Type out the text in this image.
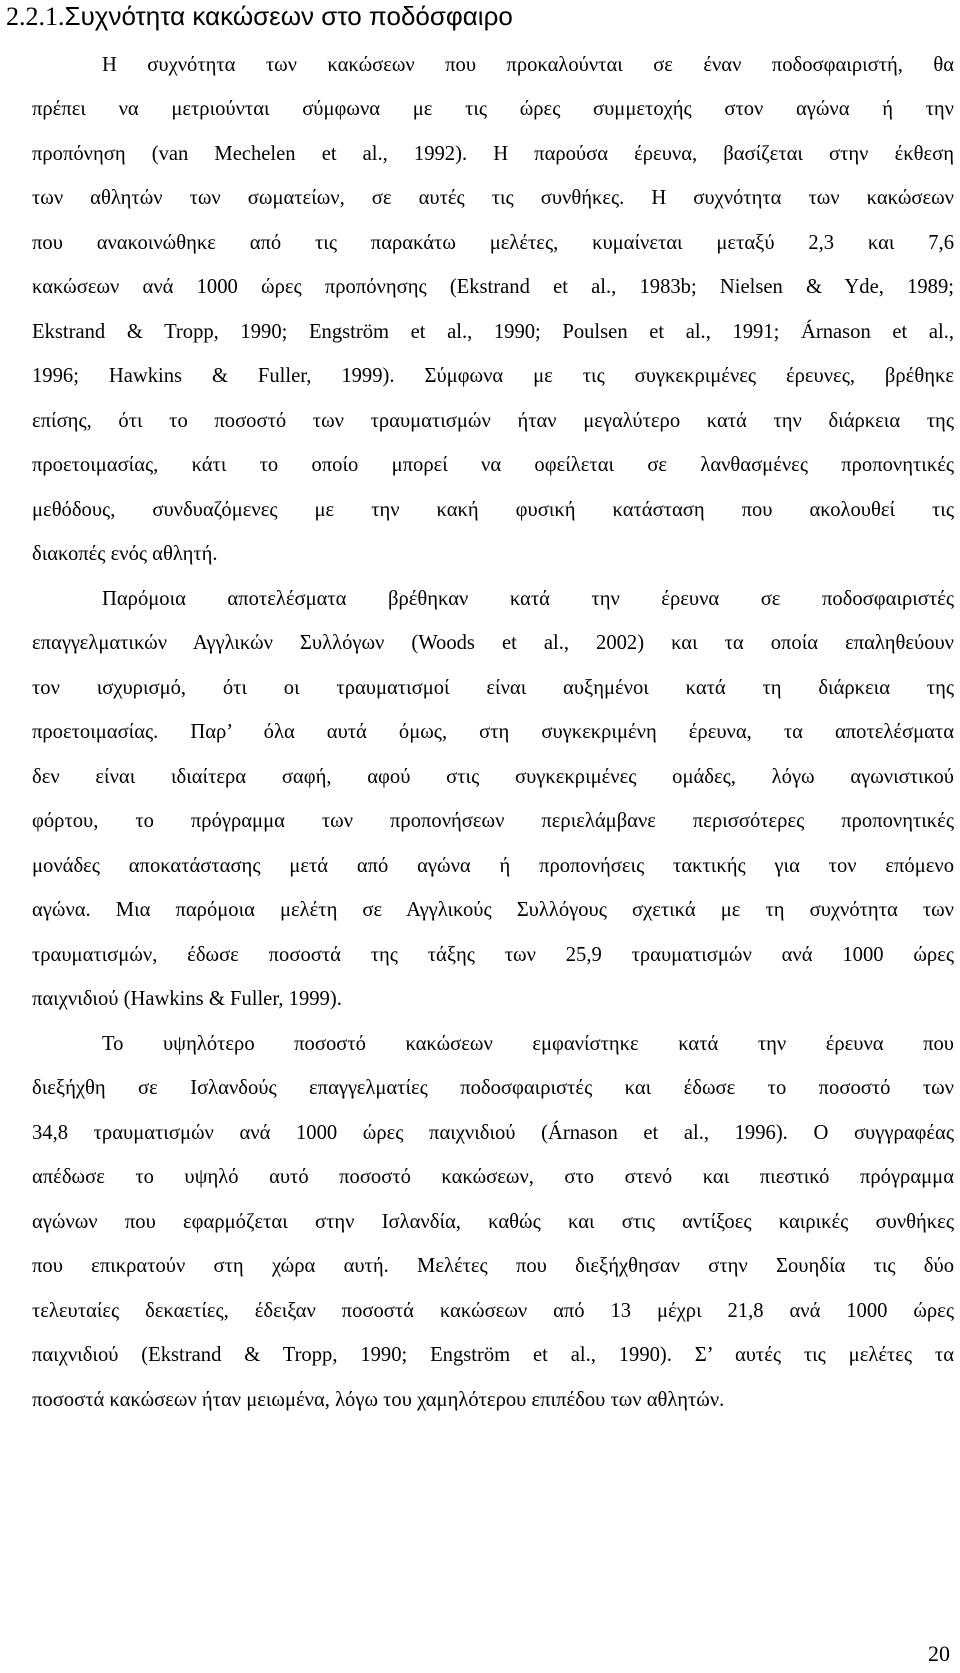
2.2.1.Συχνότητα κακώσεων στο ποδόσφαιρο
Η συχνότητα των κακώσεων που προκαλούνται σε έναν ποδοσφαιριστή, θα
πρέπει να μετριούνται σύμφωνα με τις ώρες συμμετοχής στον αγώνα ή την
προπόνηση (van Mechelen et al., 1992). Η παρούσα έρευνα, βασίζεται στην έκθεση
των αθλητών των σωματείων, σε αυτές τις συνθήκες. Η συχνότητα των κακώσεων
που ανακοινώθηκε από τις παρακάτω μελέτες, κυμαίνεται μεταξύ 2,3 και 7,6
κακώσεων ανά 1000 ώρες προπόνησης (Ekstrand et al., 1983b; Nielsen & Yde, 1989;
Ekstrand & Tropp, 1990; Engström et al., 1990; Poulsen et al., 1991; Árnason et al.,
1996; Hawkins & Fuller, 1999). Σύμφωνα με τις συγκεκριμένες έρευνες, βρέθηκε
επίσης, ότι το ποσοστό των τραυματισμών ήταν μεγαλύτερο κατά την διάρκεια της
προετοιμασίας, κάτι το οποίο μπορεί να οφείλεται σε λανθασμένες προπονητικές
μεθόδους, συνδυαζόμενες με την κακή φυσική κατάσταση που ακολουθεί τις
διακοπές ενός αθλητή.
Παρόμοια αποτελέσματα βρέθηκαν κατά την έρευνα σε ποδοσφαιριστές
επαγγελματικών Αγγλικών Συλλόγων (Woods et al., 2002) και τα οποία επαληθεύουν
τον ισχυρισμό, ότι οι τραυματισμοί είναι αυξημένοι κατά τη διάρκεια της
προετοιμασίας. Παρ’ όλα αυτά όμως, στη συγκεκριμένη έρευνα, τα αποτελέσματα
δεν είναι ιδιαίτερα σαφή, αφού στις συγκεκριμένες ομάδες, λόγω αγωνιστικού
φόρτου, το πρόγραμμα των προπονήσεων περιελάμβανε περισσότερες προπονητικές
μονάδες αποκατάστασης μετά από αγώνα ή προπονήσεις τακτικής για τον επόμενο
αγώνα. Μια παρόμοια μελέτη σε Αγγλικούς Συλλόγους σχετικά με τη συχνότητα των
τραυματισμών, έδωσε ποσοστά της τάξης των 25,9 τραυματισμών ανά 1000 ώρες
παιχνιδιού (Hawkins & Fuller, 1999).
Το υψηλότερο ποσοστό κακώσεων εμφανίστηκε κατά την έρευνα που
διεξήχθη σε Ισλανδούς επαγγελματίες ποδοσφαιριστές και έδωσε το ποσοστό των
34,8 τραυματισμών ανά 1000 ώρες παιχνιδιού (Árnason et al., 1996). Ο συγγραφέας
απέδωσε το υψηλό αυτό ποσοστό κακώσεων, στο στενό και πιεστικό πρόγραμμα
αγώνων που εφαρμόζεται στην Ισλανδία, καθώς και στις αντίξοες καιρικές συνθήκες
που επικρατούν στη χώρα αυτή. Μελέτες που διεξήχθησαν στην Σουηδία τις δύο
τελευταίες δεκαετίες, έδειξαν ποσοστά κακώσεων από 13 μέχρι 21,8 ανά 1000 ώρες
παιχνιδιού (Ekstrand & Tropp, 1990; Engström et al., 1990). Σ’ αυτές τις μελέτες τα
ποσοστά κακώσεων ήταν μειωμένα, λόγω του χαμηλότερου επιπέδου των αθλητών.
20
